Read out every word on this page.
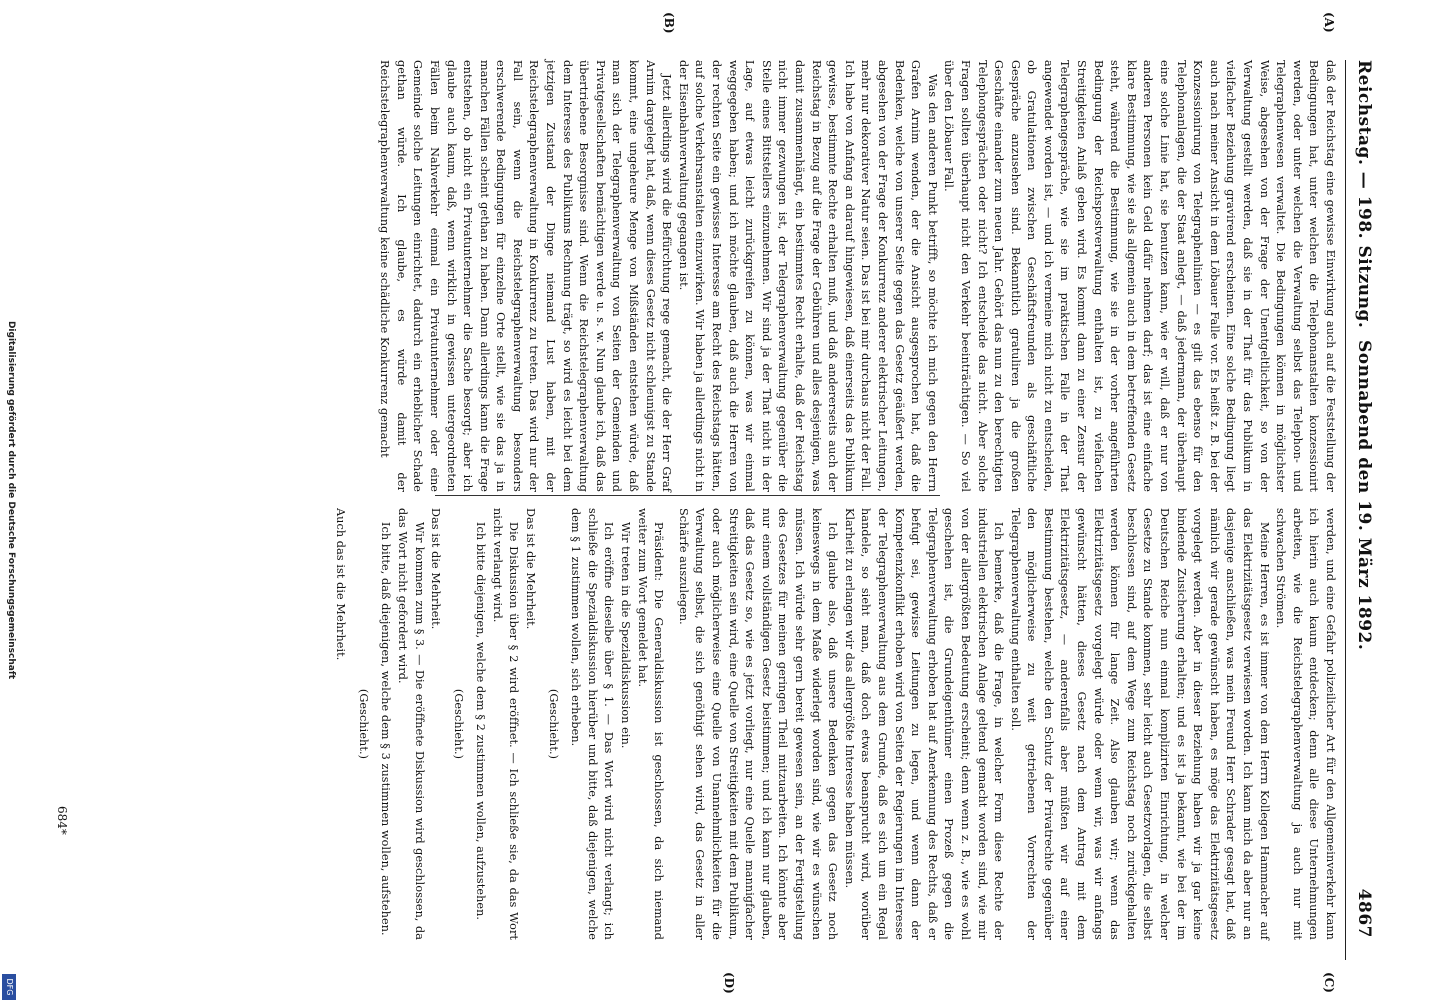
Reichstag. — 198. Sitzung.
Sonnabend den 19. März 1892.
4867
(A)
(B)
(C)
(D)

daß der Reichstag eine gewisse Einwirkung auch auf die Feststellung der Bedingungen hat, unter welchen die Telephonanstalten konzessionirt werden, oder unter welchen die Verwaltung selbst das Telephon- und Telegraphenwesen verwaltet. Die Bedingungen können in möglichster Weise, abgesehen von der Frage der Unentgeltlichkeit, so von der Verwaltung gestellt werden, daß sie in der That für das Publikum in vielfacher Beziehung gravirend erscheinen. Eine solche Bedingung liegt auch nach meiner Ansicht in dem Löbauer Falle vor. Es heißt z. B. bei der Konzessionirung von Telegraphenlinien — es gilt das ebenso für den Telephonanlagen, die der Staat anlegt, — daß jedermann, der überhaupt eine solche Linie hat, sie benutzen kann, wie er will, daß er nur von anderen Personen kein Geld dafür nehmen darf; das ist eine einfache klare Bestimmung, wie sie als allgemein auch in dem betreffenden Gesetz steht, während die Bestimmung, wie sie in der vorher angeführten Bedingung der Reichspostverwaltung enthalten ist, zu vielfachen Streitigkeiten Anlaß geben wird. Es kommt dann zu einer Zensur der Telegraphengespräche, wie sie im praktischen Falle in der That angewendet worden ist, — und ich vermeine mich nicht zu entscheiden, ob Gratulationen zwischen Geschäftsfreunden als geschäftliche Gespräche anzusehen sind. Bekanntlich gratuliren ja die großen Geschäfte einander zum neuen Jahr. Gehört das nun zu den berechtigten Telephongesprächen oder nicht? Ich entscheide das nicht. Aber solche Fragen sollten überhaupt nicht den Verkehr beeinträchtigen. — So viel über den Löbauer Fall.

Was den anderen Punkt betrifft, so möchte ich mich gegen den Herrn Grafen Arnim wenden, der die Ansicht ausgesprochen hat, daß die Bedenken, welche von unserer Seite gegen das Gesetz geäußert werden, abgesehen von der Frage der Konkurrenz anderer elektrischer Leitungen, mehr nur dekorativer Natur seien. Das ist bei mir durchaus nicht der Fall. Ich habe von Anfang an darauf hingewiesen, daß einerseits das Publikum gewisse, bestimmte Rechte erhalten muß, und daß andererseits auch der Reichstag in Bezug auf die Frage der Gebühren und alles desjenigen, was damit zusammenhängt, ein bestimmtes Recht erhalte, daß der Reichstag nicht immer gezwungen ist, der Telegraphenverwaltung gegenüber die Stelle eines Bittstellers einzunehmen. Wir sind ja der That nicht in der Lage, auf etwas leicht zurückgreifen zu können, was wir einmal weggegeben haben; und ich möchte glauben, daß auch die Herren von der rechten Seite ein gewisses Interesse am Recht des Reichstags hätten, auf solche Verkehrsanstalten einzuwirken. Wir haben ja allerdings nicht in der Eisenbahnverwaltung gegangen ist.

Jetzt allerdings wird die Befürchtung rege gemacht, die der Herr Graf Arnim dargelegt hat, daß, wenn dieses Gesetz nicht schleunigst zu Stande kommt, eine ungeheure Menge von Mißständen entstehen würde, daß man sich der Telegraphenverwaltung von Seiten der Gemeinden und Privatgesellschaften bemächtigen werde u. s. w. Nun glaube ich, daß das übertriebene Besorgnisse sind. Wenn die Reichstelegraphenverwaltung dem Interesse des Publikums Rechnung trägt, so wird es leicht bei dem jetzigen Zustand der Dinge niemand Lust haben, mit der Reichstelegraphenverwaltung in Konkurrenz zu treten. Das wird nur der Fall sein, wenn die Reichstelegraphenverwaltung besonders erschwerende Bedingungen für einzelne Orte stellt, wie sie das ja in manchen Fällen scheint gethan zu haben. Dann allerdings kann die Frage entstehen, ob nicht ein Privatunternehmer die Sache besorgt; aber ich glaube auch kaum, daß, wenn wirklich in gewissen untergeordneten Fällen beim Nahverkehr einmal ein Privatunternehmer oder eine Gemeinde solche Leitungen einrichtet, dadurch ein erheblicher Schade gethan würde. Ich glaube, es würde damit der Reichstelegraphenverwaltung keine schädliche Konkurrenz gemacht

werden, und eine Gefahr polizeilicher Art für den Allgemeinverkehr kann ich hierin auch kaum entdecken; denn alle diese Unternehmungen arbeiten, wie die Reichstelegraphenverwaltung ja auch nur mit schwachen Strömen.

Meine Herren, es ist immer von dem Herrn Kollegen Hammacher auf das Elektrizitätsgesetz verwiesen worden. Ich kann mich da aber nur an dasjenige anschließen, was mein Freund Herr Schrader gesagt hat, daß nämlich wir gerade gewünscht haben, es möge das Elektrizitätsgesetz vorgelegt werden. Aber in dieser Beziehung haben wir ja gar keine bindende Zusicherung erhalten; und es ist ja bekannt, wie bei der im Deutschen Reiche nun einmal komplizirten Einrichtung, in welcher Gesetze zu Stande kommen, sehr leicht auch Gesetzvorlagen, die selbst beschlossen sind, auf dem Wege zum Reichstag noch zurückgehalten werden können für lange Zeit. Also glauben wir; wenn das Elektrizitätsgesetz vorgelegt würde oder wenn wir, was wir anfangs gewünscht hätten, dieses Gesetz nach dem Antrag mit dem Elektrizitätsgesetz, — anderenfalls aber müßten wir auf einer Bestimmung bestehen, welche den Schutz der Privatrechte gegenüber den möglicherweise zu weit getriebenen Vorrechten der Telegraphenverwaltung enthalten soll.

Ich bemerke, daß die Frage, in welcher Form diese Rechte der industriellen elektrischen Anlage geltend gemacht worden sind, wie mir von der allergrößten Bedeutung erscheint; denn wenn z. B., wie es wohl geschehen ist, die Grundeigenthümer einen Prozeß gegen die Telegraphenverwaltung erhoben hat auf Anerkennung des Rechts, daß er befugt sei, gewisse Leitungen zu legen, und wenn dann der Kompetenzkonflikt erhoben wird von Seiten der Regierungen im Interesse der Telegraphenverwaltung aus dem Grunde, daß es sich um ein Regal handele, so sieht man, daß doch etwas beansprucht wird, worüber Klarheit zu erlangen wir das allergrößte Interesse haben müssen.

Ich glaube also, daß unsere Bedenken gegen das Gesetz noch keineswegs in dem Maße widerlegt worden sind, wie wir es wünschen müssen. Ich würde sehr gern bereit gewesen sein, an der Fertigstellung des Gesetzes für meinen geringen Theil mitzuarbeiten. Ich könnte aber nur einem vollständigen Gesetz beistimmen; und ich kann nur glauben, daß das Gesetz so, wie es jetzt vorliegt, nur eine Quelle mannigfacher Streitigkeiten sein wird, eine Quelle von Streitigkeiten mit dem Publikum, oder auch möglicherweise eine Quelle von Unannehmlichkeiten für die Verwaltung selbst, die sich genöthigt sehen wird, das Gesetz in aller Schärfe auszulegen.

Präsident: Die Generaldiskussion ist geschlossen, da sich niemand weiter zum Wort gemeldet hat.

Wir treten in die Spezialdiskussion ein.

Ich eröffne dieselbe über § 1. — Das Wort wird nicht verlangt; ich schließe die Spezialdiskussion hierüber und bitte, daß diejenigen, welche dem § 1 zustimmen wollen, sich erheben.

(Geschieht.)

Das ist die Mehrheit.

Die Diskussion über § 2 wird eröffnet. — Ich schließe sie, da das Wort nicht verlangt wird.

Ich bitte diejenigen, welche dem § 2 zustimmen wollen, aufzustehen.

(Geschieht.)

Das ist die Mehrheit.

Wir kommen zum § 3. — Die eröffnete Diskussion wird geschlossen, da das Wort nicht gefordert wird.

Ich bitte, daß diejenigen, welche dem § 3 zustimmen wollen, aufstehen.

(Geschieht.)

Auch das ist die Mehrheit.

684*
Digitalisierung gefördert durch die Deutsche Forschungsgemeinschaft
DFG
